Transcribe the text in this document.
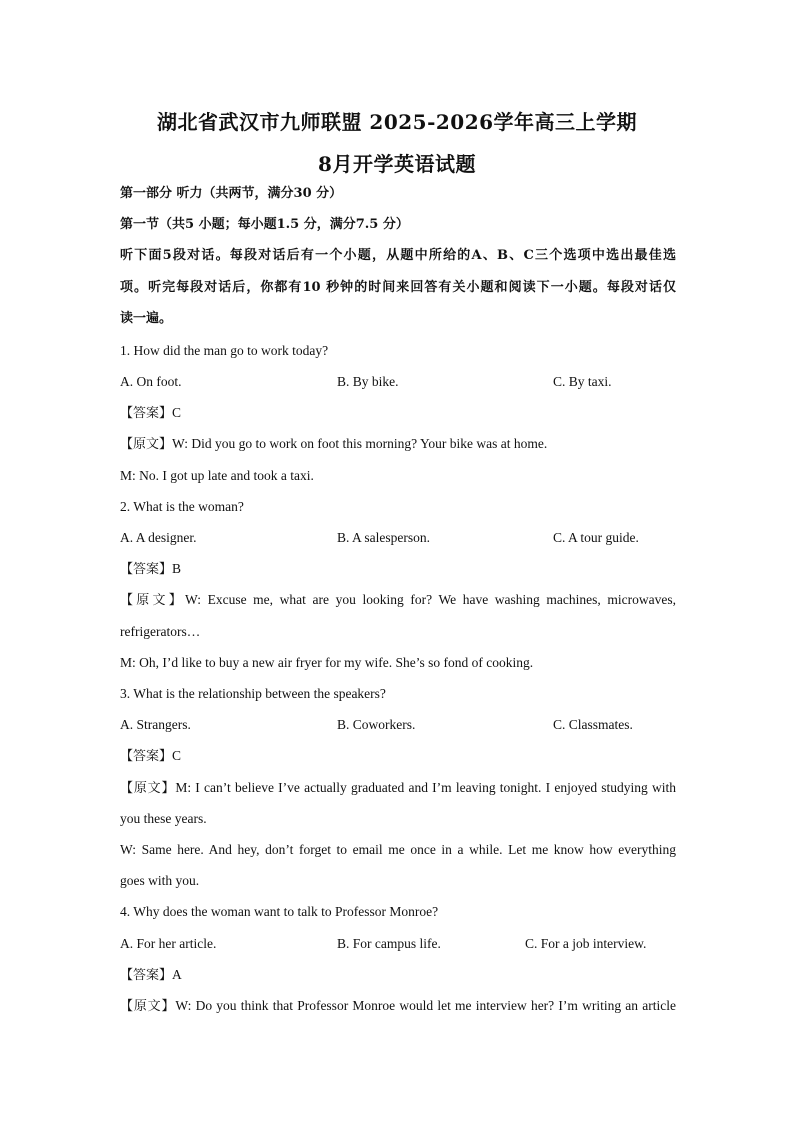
湖北省武汉市九师联盟 2025-2026学年高三上学期
8月开学英语试题
第一部分 听力（共两节，满分30 分）
第一节（共5 小题；每小题1.5 分，满分7.5 分）
听下面5段对话。每段对话后有一个小题，从题中所给的A、B、C三个选项中选出最佳选
项。听完每段对话后，你都有10 秒钟的时间来回答有关小题和阅读下一小题。每段对话仅
读一遍。
1. How did the man go to work today?
A. On foot.	B. By bike.	C. By taxi.
【答案】C
【原文】W: Did you go to work on foot this morning? Your bike was at home.
M: No. I got up late and took a taxi.
2. What is the woman?
A. A designer.	B. A salesperson.	C. A tour guide.
【答案】B
【原文】W: Excuse me, what are you looking for? We have washing machines, microwaves,
refrigerators…
M: Oh, I’d like to buy a new air fryer for my wife. She’s so fond of cooking.
3. What is the relationship between the speakers?
A. Strangers.	B. Coworkers.	C. Classmates.
【答案】C
【原文】M: I can’t believe I’ve actually graduated and I’m leaving tonight. I enjoyed studying with
you these years.
W: Same here. And hey, don’t forget to email me once in a while. Let me know how everything
goes with you.
4. Why does the woman want to talk to Professor Monroe?
A. For her article.	B. For campus life.	C. For a job interview.
【答案】A
【原文】W: Do you think that Professor Monroe would let me interview her? I’m writing an article
